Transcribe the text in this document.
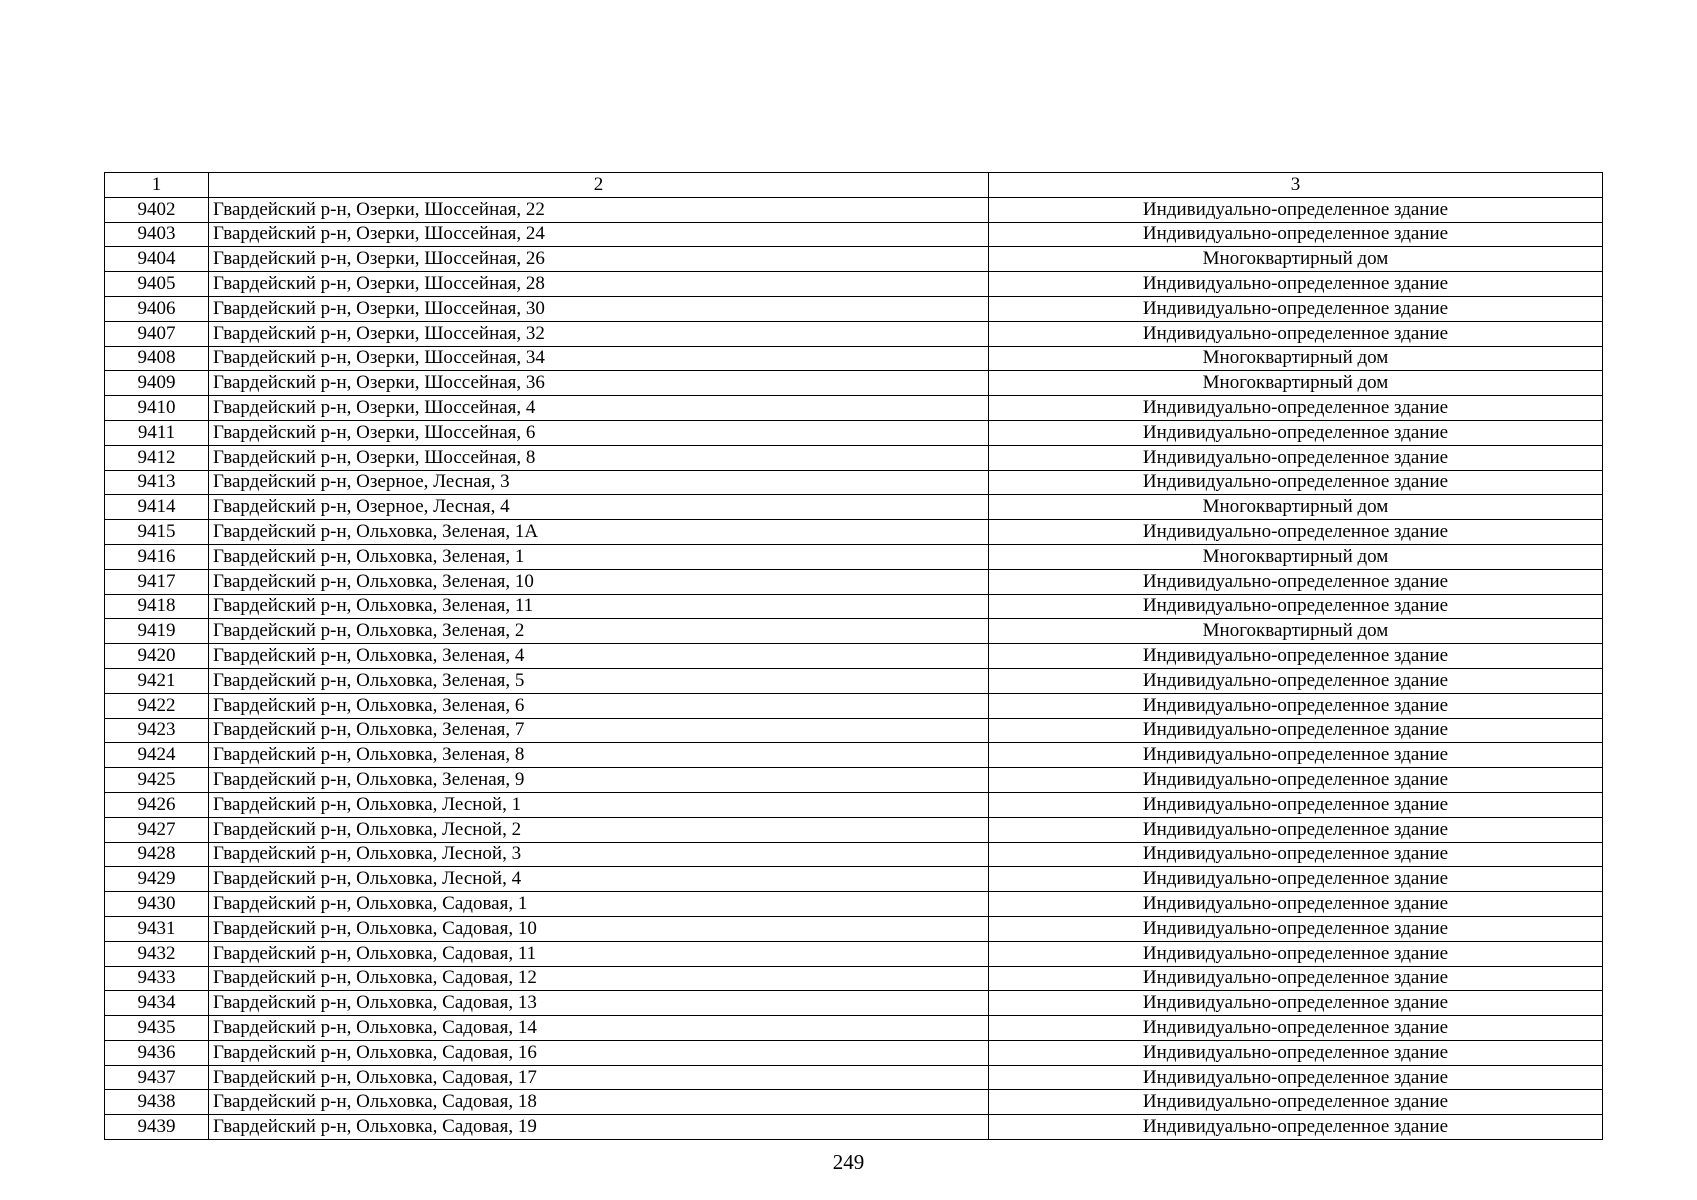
1	2	3
9402	Гвардейский р-н, Озерки, Шоссейная, 22	Индивидуально-определенное здание
9403	Гвардейский р-н, Озерки, Шоссейная, 24	Индивидуально-определенное здание
9404	Гвардейский р-н, Озерки, Шоссейная, 26	Многоквартирный дом
9405	Гвардейский р-н, Озерки, Шоссейная, 28	Индивидуально-определенное здание
9406	Гвардейский р-н, Озерки, Шоссейная, 30	Индивидуально-определенное здание
9407	Гвардейский р-н, Озерки, Шоссейная, 32	Индивидуально-определенное здание
9408	Гвардейский р-н, Озерки, Шоссейная, 34	Многоквартирный дом
9409	Гвардейский р-н, Озерки, Шоссейная, 36	Многоквартирный дом
9410	Гвардейский р-н, Озерки, Шоссейная, 4	Индивидуально-определенное здание
9411	Гвардейский р-н, Озерки, Шоссейная, 6	Индивидуально-определенное здание
9412	Гвардейский р-н, Озерки, Шоссейная, 8	Индивидуально-определенное здание
9413	Гвардейский р-н, Озерное, Лесная, 3	Индивидуально-определенное здание
9414	Гвардейский р-н, Озерное, Лесная, 4	Многоквартирный дом
9415	Гвардейский р-н, Ольховка, Зеленая, 1А	Индивидуально-определенное здание
9416	Гвардейский р-н, Ольховка, Зеленая, 1	Многоквартирный дом
9417	Гвардейский р-н, Ольховка, Зеленая, 10	Индивидуально-определенное здание
9418	Гвардейский р-н, Ольховка, Зеленая, 11	Индивидуально-определенное здание
9419	Гвардейский р-н, Ольховка, Зеленая, 2	Многоквартирный дом
9420	Гвардейский р-н, Ольховка, Зеленая, 4	Индивидуально-определенное здание
9421	Гвардейский р-н, Ольховка, Зеленая, 5	Индивидуально-определенное здание
9422	Гвардейский р-н, Ольховка, Зеленая, 6	Индивидуально-определенное здание
9423	Гвардейский р-н, Ольховка, Зеленая, 7	Индивидуально-определенное здание
9424	Гвардейский р-н, Ольховка, Зеленая, 8	Индивидуально-определенное здание
9425	Гвардейский р-н, Ольховка, Зеленая, 9	Индивидуально-определенное здание
9426	Гвардейский р-н, Ольховка, Лесной, 1	Индивидуально-определенное здание
9427	Гвардейский р-н, Ольховка, Лесной, 2	Индивидуально-определенное здание
9428	Гвардейский р-н, Ольховка, Лесной, 3	Индивидуально-определенное здание
9429	Гвардейский р-н, Ольховка, Лесной, 4	Индивидуально-определенное здание
9430	Гвардейский р-н, Ольховка, Садовая, 1	Индивидуально-определенное здание
9431	Гвардейский р-н, Ольховка, Садовая, 10	Индивидуально-определенное здание
9432	Гвардейский р-н, Ольховка, Садовая, 11	Индивидуально-определенное здание
9433	Гвардейский р-н, Ольховка, Садовая, 12	Индивидуально-определенное здание
9434	Гвардейский р-н, Ольховка, Садовая, 13	Индивидуально-определенное здание
9435	Гвардейский р-н, Ольховка, Садовая, 14	Индивидуально-определенное здание
9436	Гвардейский р-н, Ольховка, Садовая, 16	Индивидуально-определенное здание
9437	Гвардейский р-н, Ольховка, Садовая, 17	Индивидуально-определенное здание
9438	Гвардейский р-н, Ольховка, Садовая, 18	Индивидуально-определенное здание
9439	Гвардейский р-н, Ольховка, Садовая, 19	Индивидуально-определенное здание
249
